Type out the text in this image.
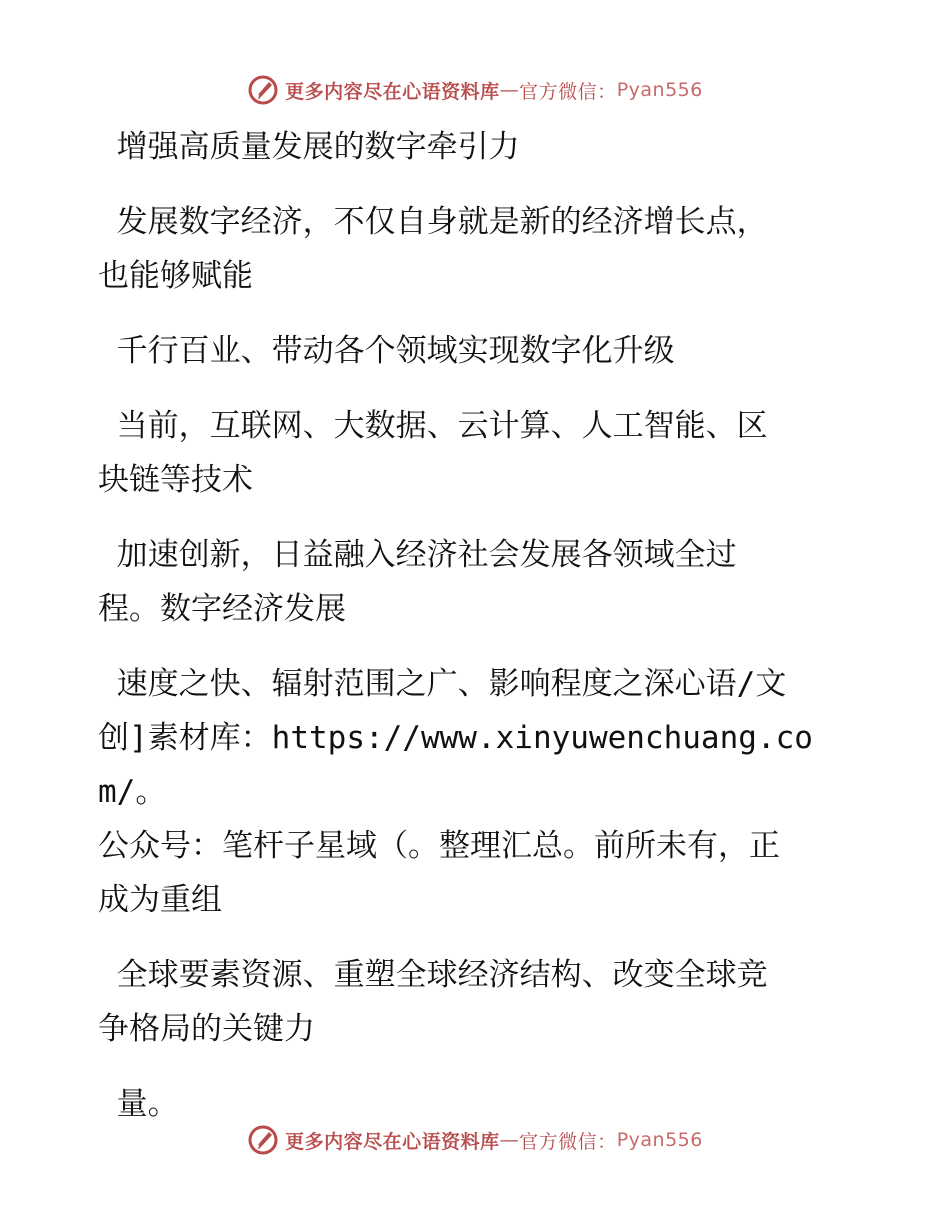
更多内容尽在心语资料库 — 官方微信： Pyan556

增强高质量发展的数字牵引力

发展数字经济，不仅自身就是新的经济增长点，
也能够赋能

千行百业、带动各个领域实现数字化升级

当前，互联网、大数据、云计算、人工智能、区
块链等技术

加速创新，日益融入经济社会发展各领域全过
程。数字经济发展

速度之快、辐射范围之广、影响程度之深心语/文
创]素材库：https://www.xinyuwenchuang.com/。
公众号：笔杆子星域（。整理汇总。前所未有，正
成为重组

全球要素资源、重塑全球经济结构、改变全球竞
争格局的关键力

量。

更多内容尽在心语资料库 — 官方微信： Pyan556
